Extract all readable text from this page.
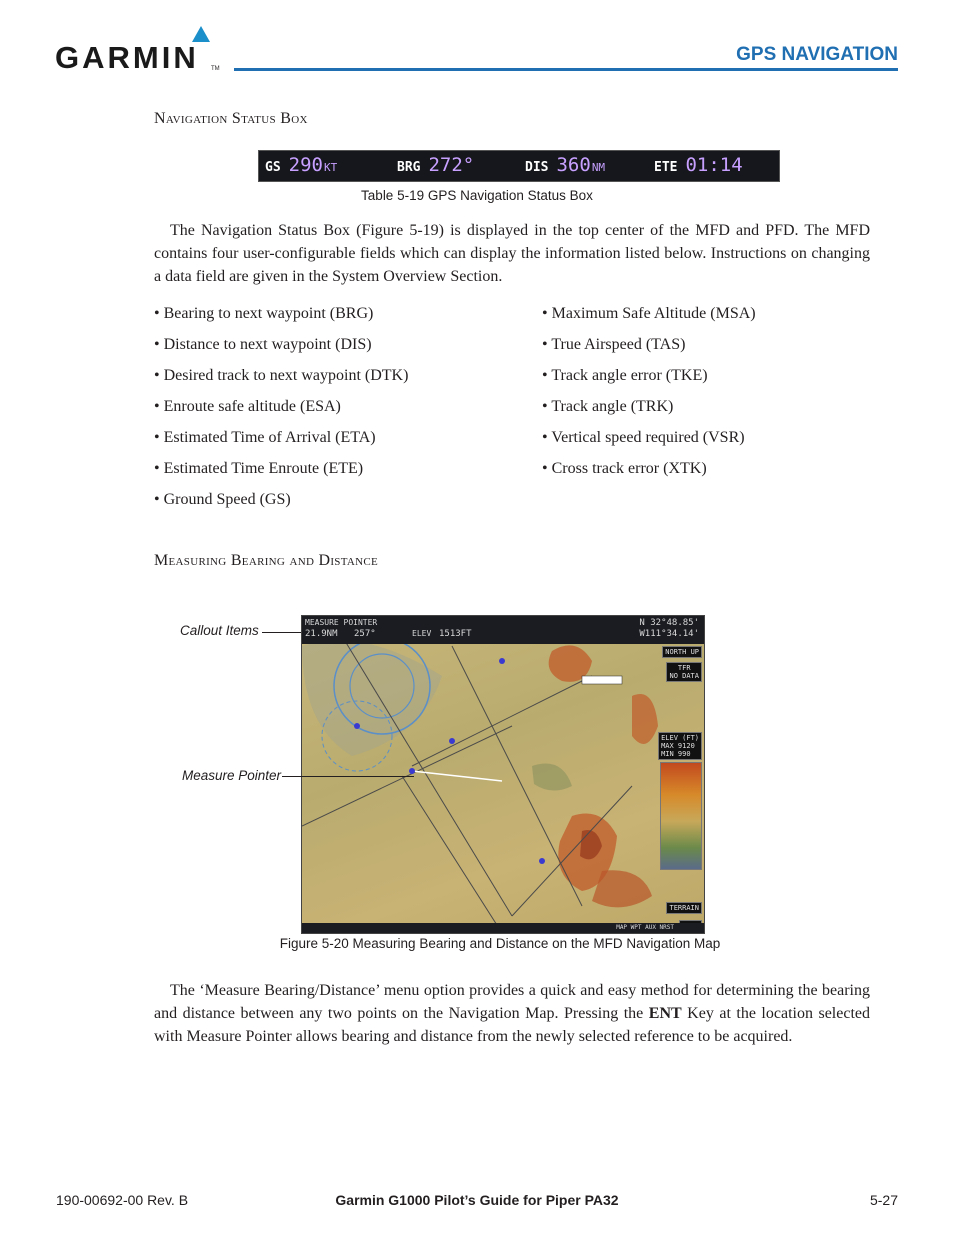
GARMIN TM
GPS NAVIGATION
Navigation Status Box
GS 290 KT	BRG 272°	DIS 360 NM	ETE 01:14
Table 5-19 GPS Navigation Status Box
The Navigation Status Box (Figure 5-19) is displayed in the top center of the MFD and PFD. The MFD contains four user-configurable fields which can display the information listed below. Instructions on changing a data field are given in the System Overview Section.
• Bearing to next waypoint (BRG)
• Distance to next waypoint (DIS)
• Desired track to next waypoint (DTK)
• Enroute safe altitude (ESA)
• Estimated Time of Arrival (ETA)
• Estimated Time Enroute (ETE)
• Ground Speed (GS)
• Maximum Safe Altitude (MSA)
• True Airspeed (TAS)
• Track angle error (TKE)
• Track angle (TRK)
• Vertical speed required (VSR)
• Cross track error (XTK)
Measuring Bearing and Distance
Callout Items
Measure Pointer
MEASURE POINTER
21.9NM 257°	ELEV 1513FT
N 32°48.85'
W111°34.14'
NORTH UP
TFR
NO DATA
ELEV (FT)
MAX 9120
MIN 990
TERRAIN
MAP WPT AUX NRST
Figure 5-20 Measuring Bearing and Distance on the MFD Navigation Map
The ‘Measure Bearing/Distance’ menu option provides a quick and easy method for determining the bearing and distance between any two points on the Navigation Map. Pressing the ENT Key at the location selected with Measure Pointer allows bearing and distance from the newly selected reference to be acquired.
190-00692-00 Rev. B	Garmin G1000 Pilot’s Guide for Piper PA32	5-27
